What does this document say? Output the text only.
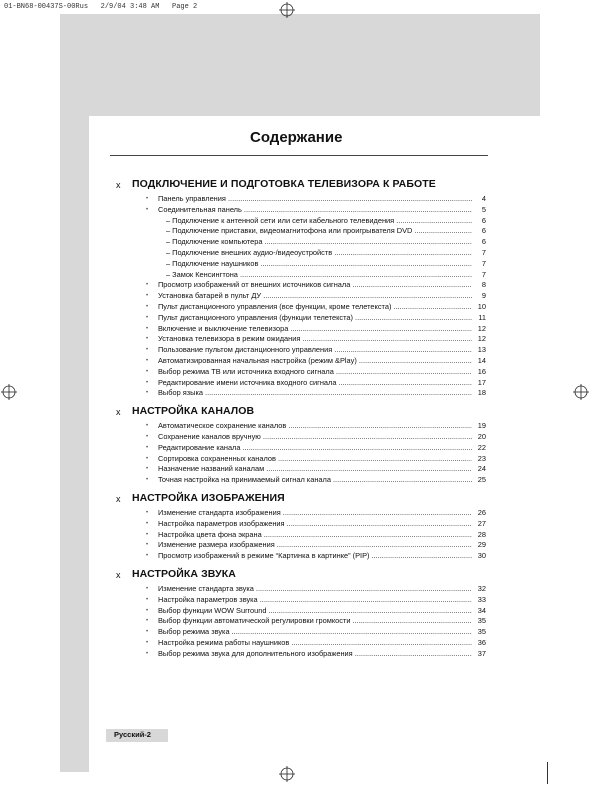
01-BN68-00437S-00Rus   2/9/04 3:48 AM   Page 2
Содержание
x ПОДКЛЮЧЕНИЕ И ПОДГОТОВКА ТЕЛЕВИЗОРА К РАБОТЕ
• Панель управления .....	4
• Соединительная панель .....	5
– Подключение к антенной сети или сети кабельного телевидения .....	6
– Подключение приставки, видеомагнитофона или проигрывателя DVD .....	6
– Подключение компьютера .....	6
– Подключение внешних аудио-/видеоустройств .....	7
– Подключение наушников .....	7
– Замок Кенсингтона .....	7
• Просмотр изображений от внешних источников сигнала .....	8
• Установка батарей в пульт ДУ .....	9
• Пульт дистанционного управления (все функции, кроме телетекста) .....	10
• Пульт дистанционного управления (функции телетекста) .....	11
• Включение и выключение телевизора .....	12
• Установка телевизора в режим ожидания .....	12
• Пользование пультом дистанционного управления .....	13
• Автоматизированная начальная настройка (режим &Play) .....	14
• Выбор режима ТВ или источника входного сигнала .....	16
• Редактирование имени источника входного сигнала .....	17
• Выбор языка .....	18
x НАСТРОЙКА КАНАЛОВ
• Автоматическое сохранение каналов .....	19
• Сохранение каналов вручную .....	20
• Редактирование канала .....	22
• Сортировка сохраненных каналов .....	23
• Назначение названий каналам .....	24
• Точная настройка на принимаемый сигнал канала .....	25
x НАСТРОЙКА ИЗОБРАЖЕНИЯ
• Изменение стандарта изображения .....	26
• Настройка параметров изображения .....	27
• Настройка цвета фона экрана .....	28
• Изменение размера изображения .....	29
• Просмотр изображений в режиме “Картинка в картинке” (PIP) .....	30
x НАСТРОЙКА ЗВУКА
• Изменение стандарта звука .....	32
• Настройка параметров звука .....	33
• Выбор функции WOW Surround .....	34
• Выбор функции автоматической регулировки громкости .....	35
• Выбор режима звука .....	35
• Настройка режима работы наушников .....	36
• Выбор режима звука для дополнительного изображения .....	37
Русский-2
